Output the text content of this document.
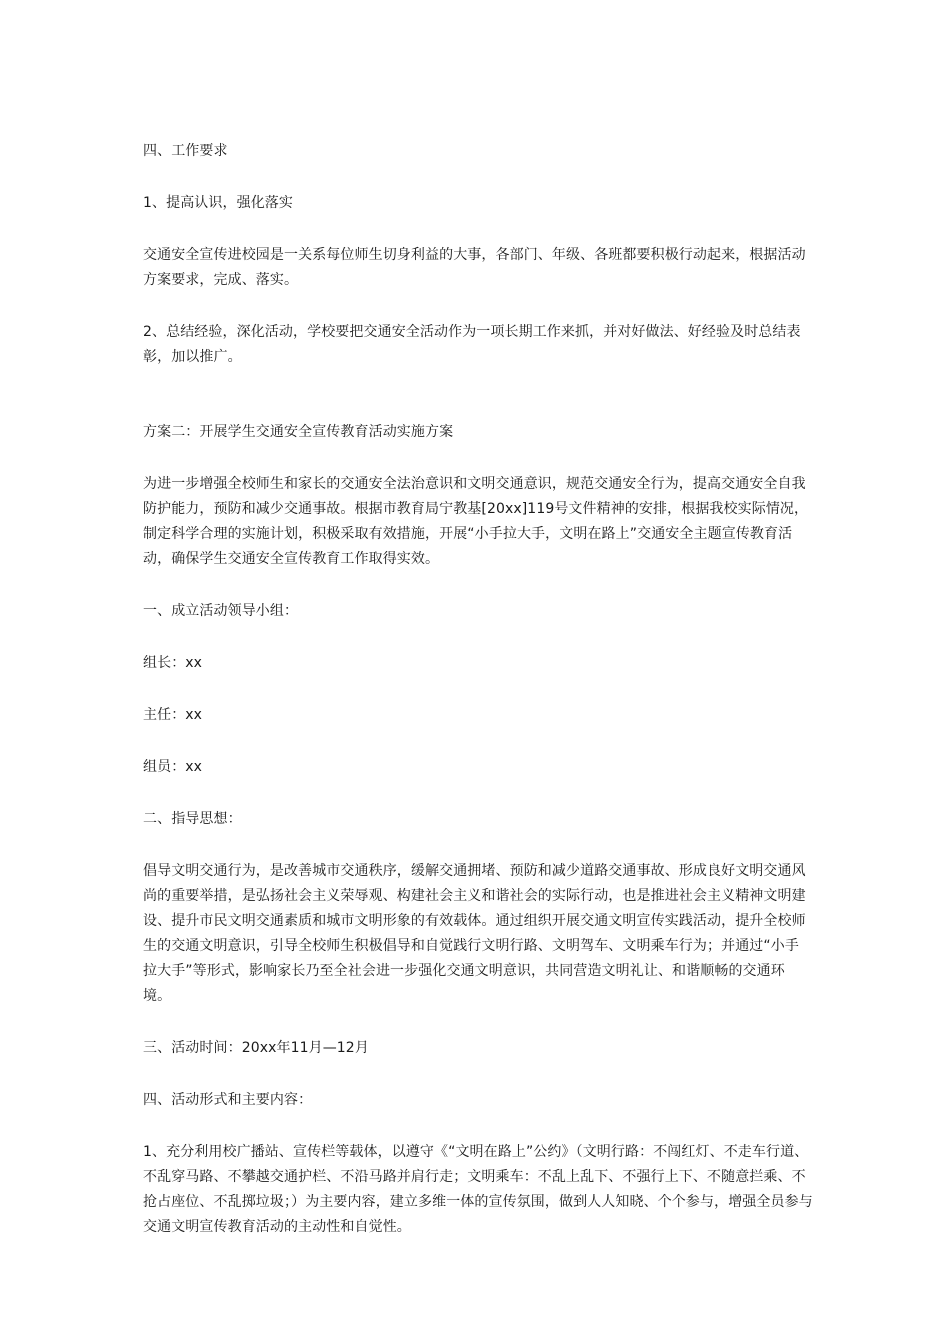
四、工作要求

1、提高认识，强化落实

交通安全宣传进校园是一关系每位师生切身利益的大事，各部门、年级、各班都要积极行动起来，根据活动方案要求，完成、落实。

2、总结经验，深化活动，学校要把交通安全活动作为一项长期工作来抓，并对好做法、好经验及时总结表彰，加以推广。

方案二：开展学生交通安全宣传教育活动实施方案

为进一步增强全校师生和家长的交通安全法治意识和文明交通意识，规范交通安全行为，提高交通安全自我防护能力，预防和减少交通事故。根据市教育局宁教基[20xx]119号文件精神的安排，根据我校实际情况，制定科学合理的实施计划，积极采取有效措施，开展“小手拉大手，文明在路上”交通安全主题宣传教育活动，确保学生交通安全宣传教育工作取得实效。

一、成立活动领导小组：

组长：xx

主任：xx

组员：xx

二、指导思想：

倡导文明交通行为，是改善城市交通秩序，缓解交通拥堵、预防和减少道路交通事故、形成良好文明交通风尚的重要举措，是弘扬社会主义荣辱观、构建社会主义和谐社会的实际行动，也是推进社会主义精神文明建设、提升市民文明交通素质和城市文明形象的有效载体。通过组织开展交通文明宣传实践活动，提升全校师生的交通文明意识，引导全校师生积极倡导和自觉践行文明行路、文明驾车、文明乘车行为；并通过“小手拉大手”等形式，影响家长乃至全社会进一步强化交通文明意识，共同营造文明礼让、和谐顺畅的交通环境。

三、活动时间：20xx年11月—12月

四、活动形式和主要内容：

1、充分利用校广播站、宣传栏等载体，以遵守《“文明在路上”公约》（文明行路：不闯红灯、不走车行道、不乱穿马路、不攀越交通护栏、不沿马路并肩行走；文明乘车：不乱上乱下、不强行上下、不随意拦乘、不抢占座位、不乱掷垃圾；）为主要内容，建立多维一体的宣传氛围，做到人人知晓、个个参与，增强全员参与交通文明宣传教育活动的主动性和自觉性。
